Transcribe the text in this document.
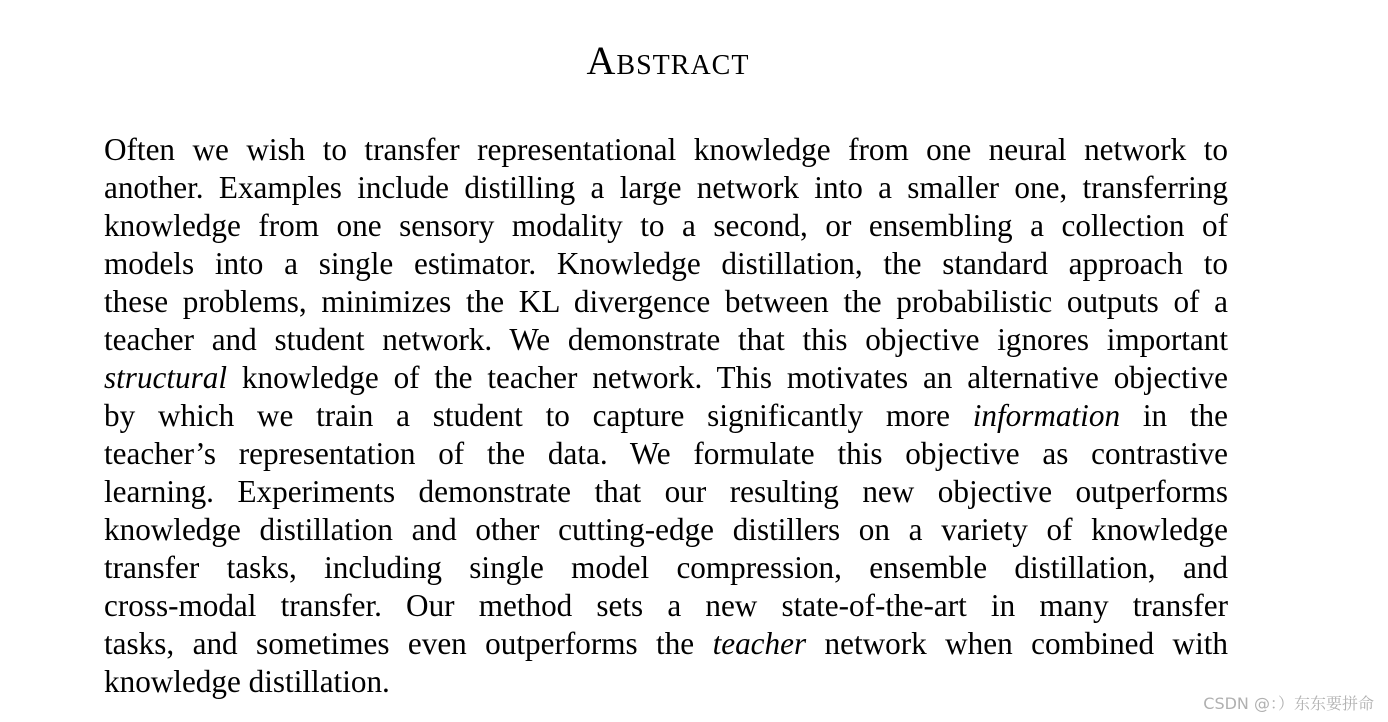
Abstract

Often we wish to transfer representational knowledge from one neural network to
another. Examples include distilling a large network into a smaller one, transferring
knowledge from one sensory modality to a second, or ensembling a collection of
models into a single estimator. Knowledge distillation, the standard approach to
these problems, minimizes the KL divergence between the probabilistic outputs of a
teacher and student network. We demonstrate that this objective ignores important
structural knowledge of the teacher network. This motivates an alternative objective
by which we train a student to capture significantly more information in the
teacher’s representation of the data. We formulate this objective as contrastive
learning. Experiments demonstrate that our resulting new objective outperforms
knowledge distillation and other cutting-edge distillers on a variety of knowledge
transfer tasks, including single model compression, ensemble distillation, and
cross-modal transfer. Our method sets a new state-of-the-art in many transfer
tasks, and sometimes even outperforms the teacher network when combined with
knowledge distillation.

CSDN @：）东东要拼命
